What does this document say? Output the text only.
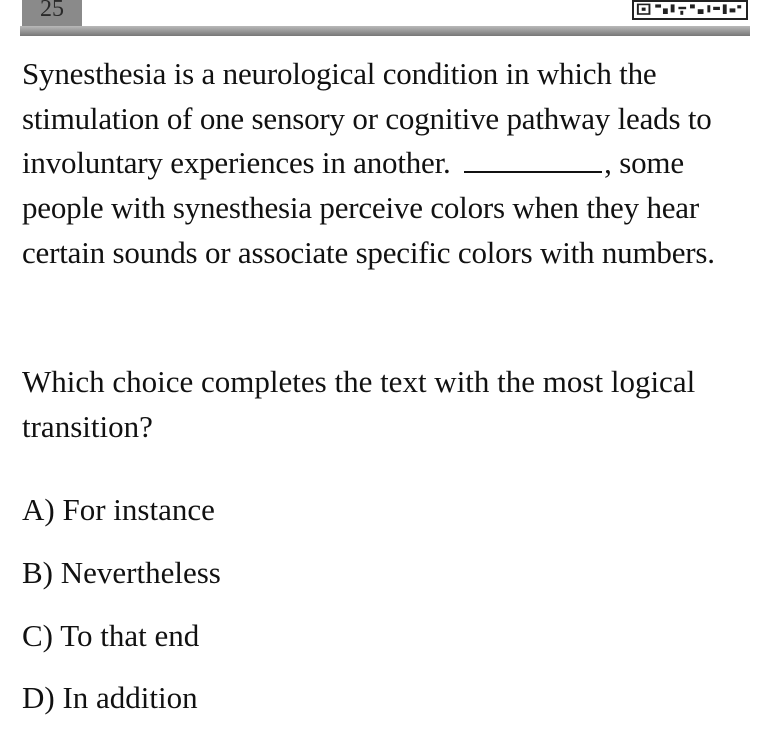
25

Synesthesia is a neurological condition in which the stimulation of one sensory or cognitive pathway leads to involuntary experiences in another.	, some people with synesthesia perceive colors when they hear certain sounds or associate specific colors with numbers.

Which choice completes the text with the most logical transition?

A) For instance
B) Nevertheless
C) To that end
D) In addition
